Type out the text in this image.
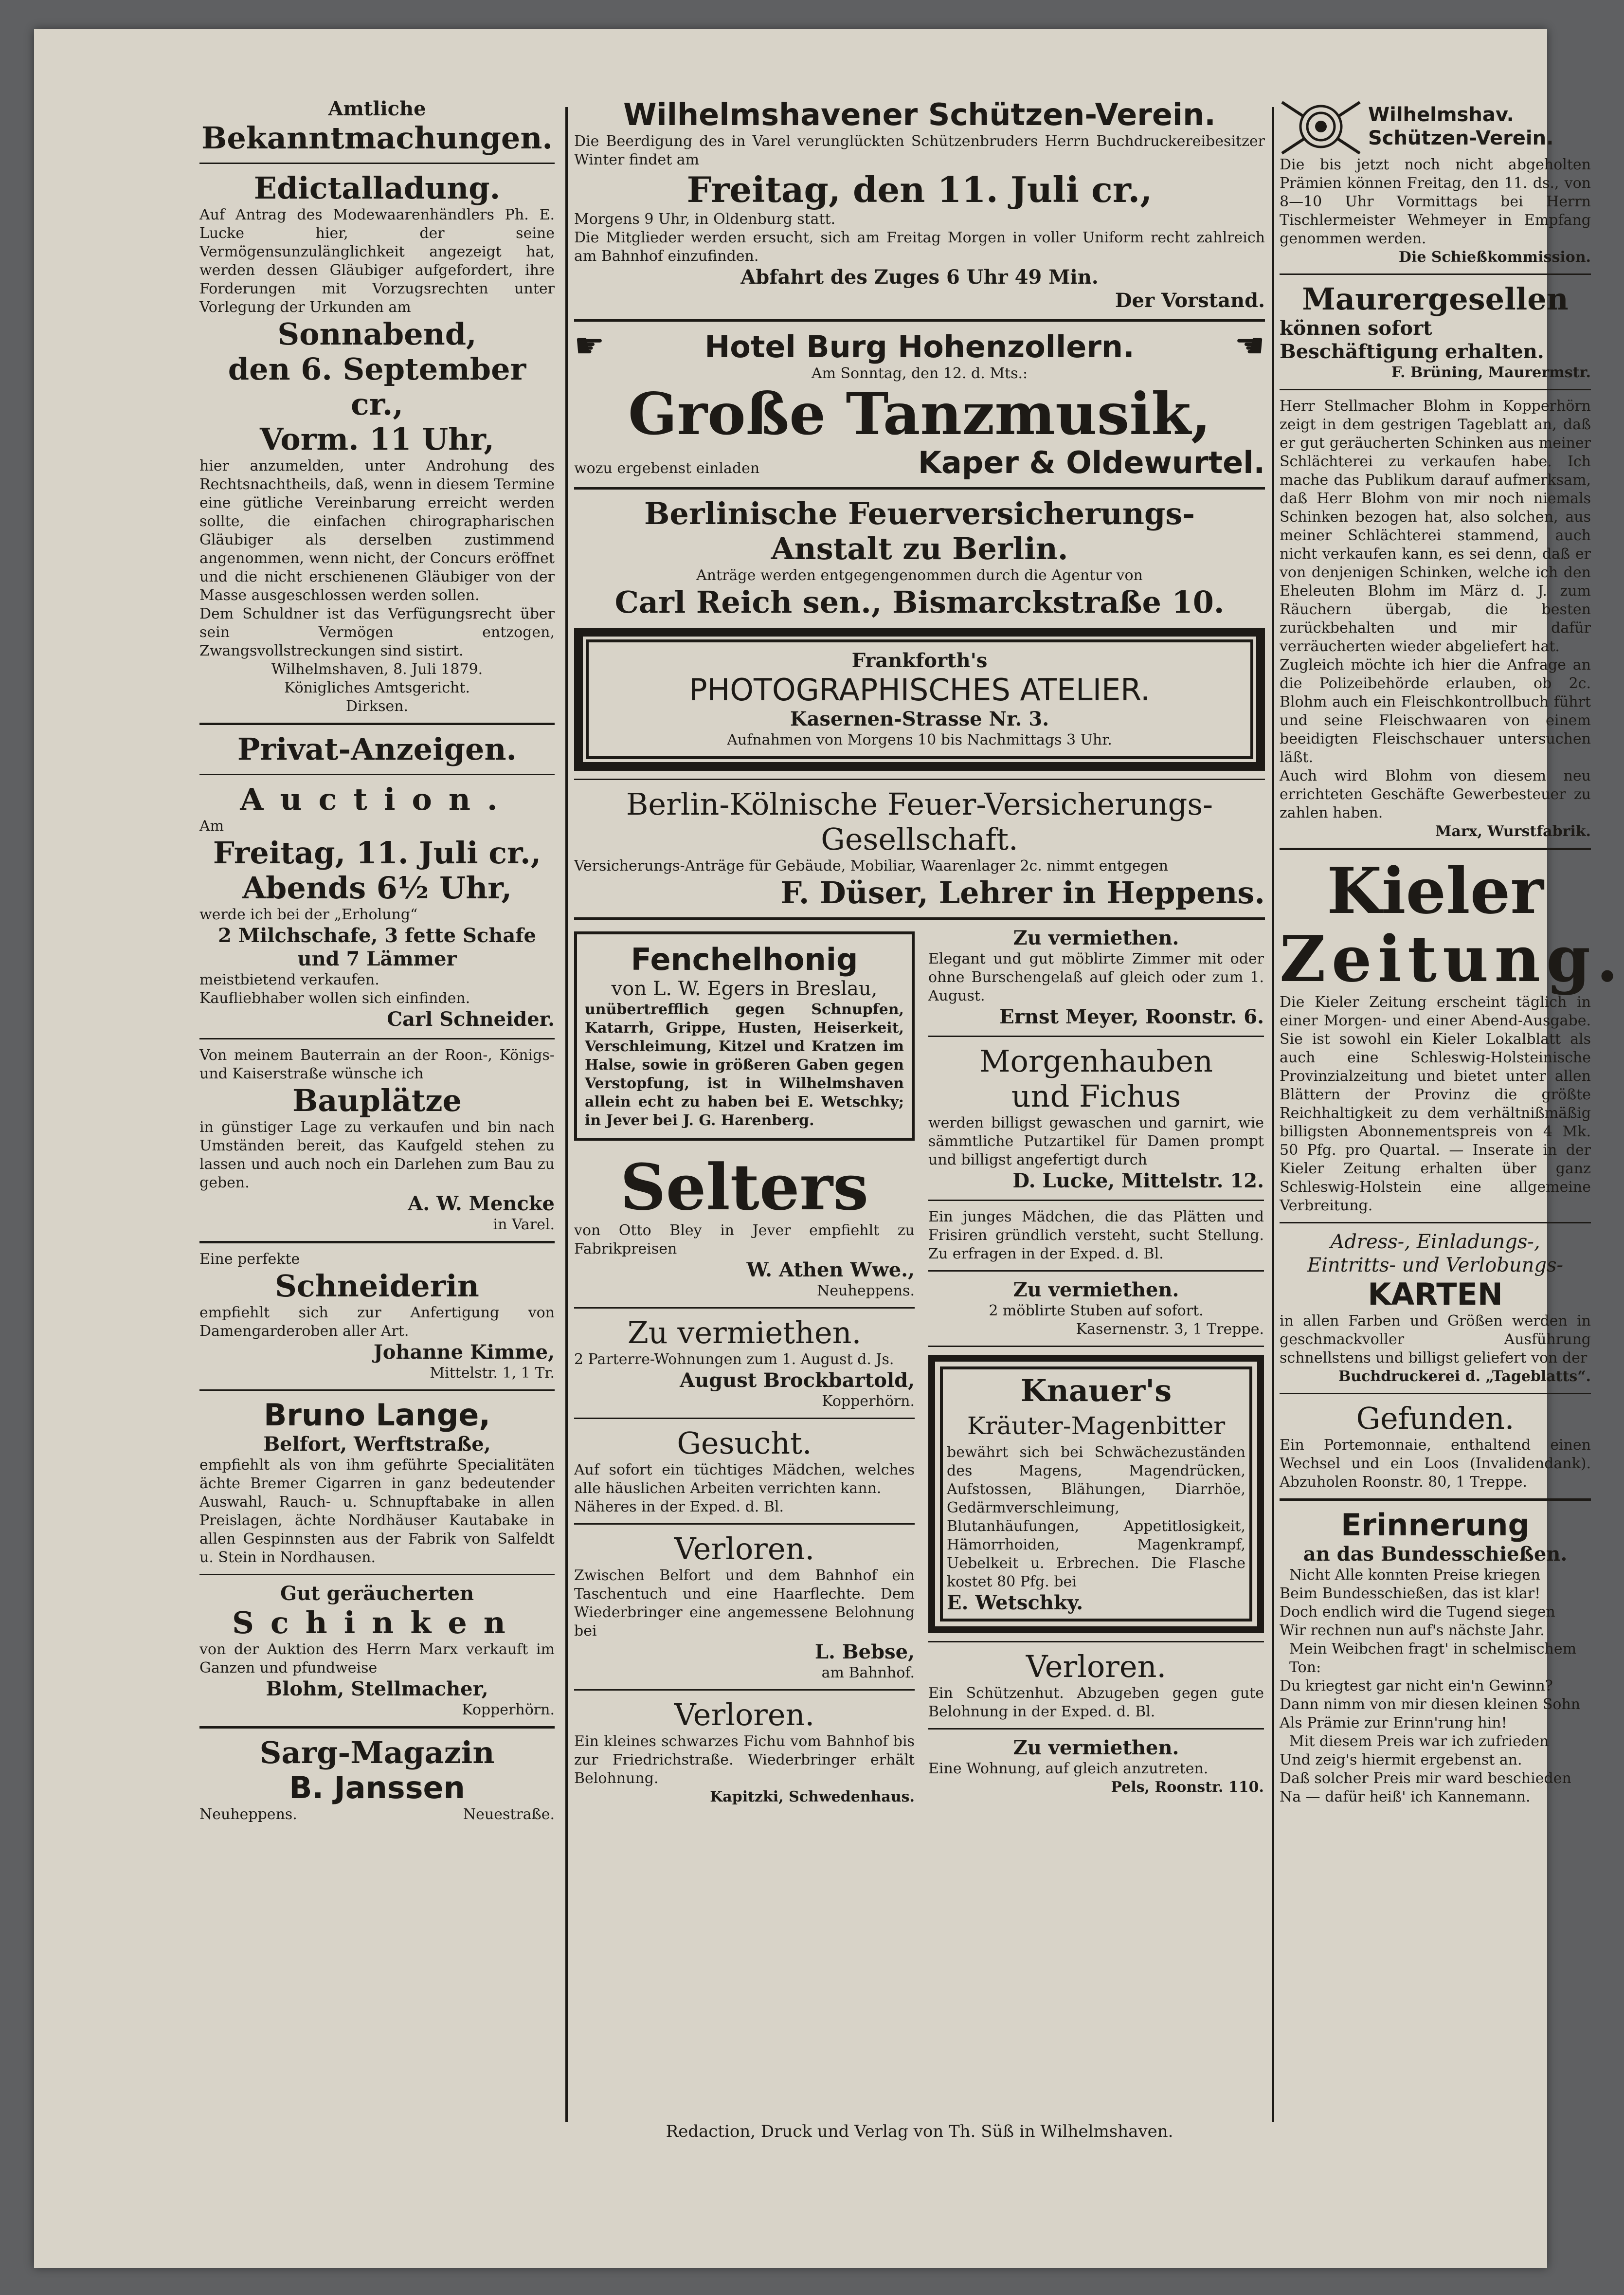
Amtliche
Bekanntmachungen.
Edictalladung.
Auf Antrag des Modewaarenhändlers Ph. E. Lucke hier, der seine Vermögensunzulänglichkeit angezeigt hat, werden dessen Gläubiger aufgefordert, ihre Forderungen mit Vorzugsrechten unter Vorlegung der Urkunden am
Sonnabend,
den 6. September cr.,
Vorm. 11 Uhr,
hier anzumelden, unter Androhung des Rechtsnachtheils, daß, wenn in diesem Termine eine gütliche Vereinbarung erreicht werden sollte, die einfachen chirographarischen Gläubiger als derselben zustimmend angenommen, wenn nicht, der Concurs eröffnet und die nicht erschienenen Gläubiger von der Masse ausgeschlossen werden sollen.
Dem Schuldner ist das Verfügungsrecht über sein Vermögen entzogen, Zwangsvollstreckungen sind sistirt.
Wilhelmshaven, 8. Juli 1879.
Königliches Amtsgericht.
Dirksen.
Privat-Anzeigen.
Auction.
Am
Freitag, 11. Juli cr.,
Abends 6½ Uhr,
werde ich bei der „Erholung“
2 Milchschafe, 3 fette Schafe und 7 Lämmer
meistbietend verkaufen.
Kaufliebhaber wollen sich einfinden.
Carl Schneider.
Von meinem Bauterrain an der Roon-, Königs- und Kaiserstraße wünsche ich
Bauplätze
in günstiger Lage zu verkaufen und bin nach Umständen bereit, das Kaufgeld stehen zu lassen und auch noch ein Darlehen zum Bau zu geben.
A. W. Mencke
in Varel.
Eine perfekte
Schneiderin
empfiehlt sich zur Anfertigung von Damengarderoben aller Art.
Johanne Kimme,
Mittelstr. 1, 1 Tr.
Bruno Lange,
Belfort, Werftstraße,
empfiehlt als von ihm geführte Specialitäten ächte Bremer Cigarren in ganz bedeutender Auswahl, Rauch- u. Schnupftabake in allen Preislagen, ächte Nordhäuser Kautabake in allen Gespinnsten aus der Fabrik von Salfeldt u. Stein in Nordhausen.
Gut geräucherten
Schinken
von der Auktion des Herrn Marx verkauft im Ganzen und pfundweise
Blohm, Stellmacher,
Kopperhörn.
Sarg-Magazin
B. Janssen
Neuheppens.	Neuestraße.
Wilhelmshavener Schützen-Verein.
Die Beerdigung des in Varel verunglückten Schützenbruders Herrn Buchdruckereibesitzer Winter findet am
Freitag, den 11. Juli cr.,
Morgens 9 Uhr, in Oldenburg statt.
Die Mitglieder werden ersucht, sich am Freitag Morgen in voller Uniform recht zahlreich am Bahnhof einzufinden.
Abfahrt des Zuges 6 Uhr 49 Min.
Der Vorstand.
☛	Hotel Burg Hohenzollern.	☚
Am Sonntag, den 12. d. Mts.:
Große Tanzmusik,
wozu ergebenst einladen	Kaper & Oldewurtel.
Berlinische Feuerversicherungs-
Anstalt zu Berlin.
Anträge werden entgegengenommen durch die Agentur von
Carl Reich sen., Bismarckstraße 10.
Frankforth's
PHOTOGRAPHISCHES ATELIER.
Kasernen-Strasse Nr. 3.
Aufnahmen von Morgens 10 bis Nachmittags 3 Uhr.
Berlin-Kölnische Feuer-Versicherungs-
Gesellschaft.
Versicherungs-Anträge für Gebäude, Mobiliar, Waarenlager 2c. nimmt entgegen
F. Düser, Lehrer in Heppens.
Fenchelhonig
von L. W. Egers in Breslau,
unübertrefflich gegen Schnupfen, Katarrh, Grippe, Husten, Heiserkeit, Verschleimung, Kitzel und Kratzen im Halse, sowie in größeren Gaben gegen Verstopfung, ist in Wilhelmshaven allein echt zu haben bei E. Wetschky; in Jever bei J. G. Harenberg.
Selters
von Otto Bley in Jever empfiehlt zu Fabrikpreisen
W. Athen Wwe.,
Neuheppens.
Zu vermiethen.
2 Parterre-Wohnungen zum 1. August d. Js.
August Brockbartold,
Kopperhörn.
Gesucht.
Auf sofort ein tüchtiges Mädchen, welches alle häuslichen Arbeiten verrichten kann.
Näheres in der Exped. d. Bl.
Verloren.
Zwischen Belfort und dem Bahnhof ein Taschentuch und eine Haarflechte. Dem Wiederbringer eine angemessene Belohnung bei
L. Bebse,
am Bahnhof.
Verloren.
Ein kleines schwarzes Fichu vom Bahnhof bis zur Friedrichstraße. Wiederbringer erhält Belohnung.
Kapitzki, Schwedenhaus.
Zu vermiethen.
Elegant und gut möblirte Zimmer mit oder ohne Burschengelaß auf gleich oder zum 1. August.
Ernst Meyer, Roonstr. 6.
Morgenhauben
und Fichus
werden billigst gewaschen und garnirt, wie sämmtliche Putzartikel für Damen prompt und billigst angefertigt durch
D. Lucke, Mittelstr. 12.
Ein junges Mädchen, die das Plätten und Frisiren gründlich versteht, sucht Stellung. Zu erfragen in der Exped. d. Bl.
Zu vermiethen.
2 möblirte Stuben auf sofort.
Kasernenstr. 3, 1 Treppe.
Knauer's
Kräuter-Magenbitter
bewährt sich bei Schwächezuständen des Magens, Magendrücken, Aufstossen, Blähungen, Diarrhöe, Gedärmverschleimung, Blutanhäufungen, Appetitlosigkeit, Hämorrhoiden, Magenkrampf, Uebelkeit u. Erbrechen. Die Flasche kostet 80 Pfg. bei
E. Wetschky.
Verloren.
Ein Schützenhut. Abzugeben gegen gute Belohnung in der Exped. d. Bl.
Zu vermiethen.
Eine Wohnung, auf gleich anzutreten.
Pels, Roonstr. 110.
Wilhelmshav.
Schützen-Verein.
Die bis jetzt noch nicht abgeholten Prämien können Freitag, den 11. ds., von 8—10 Uhr Vormittags bei Herrn Tischlermeister Wehmeyer in Empfang genommen werden.
Die Schießkommission.
Maurergesellen
können sofort Beschäftigung erhalten.
F. Brüning, Maurermstr.
Herr Stellmacher Blohm in Kopperhörn zeigt in dem gestrigen Tageblatt an, daß er gut geräucherten Schinken aus meiner Schlächterei zu verkaufen habe. Ich mache das Publikum darauf aufmerksam, daß Herr Blohm von mir noch niemals Schinken bezogen hat, also solchen, aus meiner Schlächterei stammend, auch nicht verkaufen kann, es sei denn, daß er von denjenigen Schinken, welche ich den Eheleuten Blohm im März d. J. zum Räuchern übergab, die besten zurückbehalten und mir dafür verräucherten wieder abgeliefert hat.
Zugleich möchte ich hier die Anfrage an die Polizeibehörde erlauben, ob 2c. Blohm auch ein Fleischkontrollbuch führt und seine Fleischwaaren von einem beeidigten Fleischschauer untersuchen läßt.
Auch wird Blohm von diesem neu errichteten Geschäfte Gewerbesteuer zu zahlen haben.
Marx, Wurstfabrik.
Kieler
Zeitung.
Die Kieler Zeitung erscheint täglich in einer Morgen- und einer Abend-Ausgabe. Sie ist sowohl ein Kieler Lokalblatt als auch eine Schleswig-Holsteinische Provinzialzeitung und bietet unter allen Blättern der Provinz die größte Reichhaltigkeit zu dem verhältnißmäßig billigsten Abonnementspreis von 4 Mk. 50 Pfg. pro Quartal. — Inserate in der Kieler Zeitung erhalten über ganz Schleswig-Holstein eine allgemeine Verbreitung.
Adress-, Einladungs-,
Eintritts- und Verlobungs-
KARTEN
in allen Farben und Größen werden in geschmackvoller Ausführung schnellstens und billigst geliefert von der
Buchdruckerei d. „Tageblatts“.
Gefunden.
Ein Portemonnaie, enthaltend einen Wechsel und ein Loos (Invalidendank). Abzuholen Roonstr. 80, 1 Treppe.
Erinnerung
an das Bundesschießen.
Nicht Alle konnten Preise kriegen
Beim Bundesschießen, das ist klar!
Doch endlich wird die Tugend siegen
Wir rechnen nun auf's nächste Jahr.
Mein Weibchen fragt' in schelmischem Ton:
Du kriegtest gar nicht ein'n Gewinn?
Dann nimm von mir diesen kleinen Sohn
Als Prämie zur Erinn'rung hin!
Mit diesem Preis war ich zufrieden
Und zeig's hiermit ergebenst an.
Daß solcher Preis mir ward beschieden
Na — dafür heiß' ich Kannemann.
Redaction, Druck und Verlag von Th. Süß in Wilhelmshaven.
